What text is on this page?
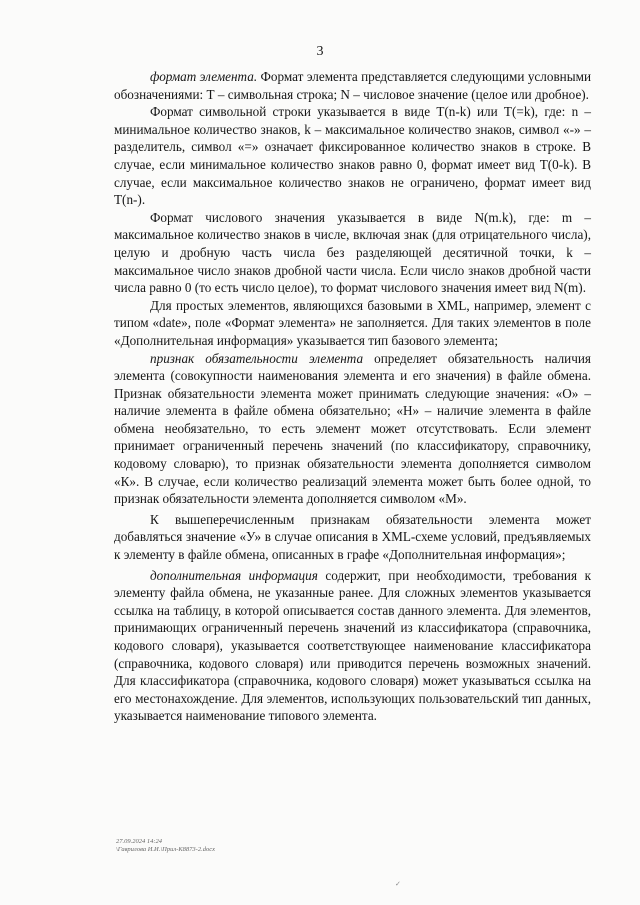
3

формат элемента. Формат элемента представляется следующими условными обозначениями: Т – символьная строка; N – числовое значение (целое или дробное).

Формат символьной строки указывается в виде T(n-k) или T(=k), где: n – минимальное количество знаков, k – максимальное количество знаков, символ «-» – разделитель, символ «=» означает фиксированное количество знаков в строке. В случае, если минимальное количество знаков равно 0, формат имеет вид T(0-k). В случае, если максимальное количество знаков не ограничено, формат имеет вид T(n-).

Формат числового значения указывается в виде N(m.k), где: m – максимальное количество знаков в числе, включая знак (для отрицательного числа), целую и дробную часть числа без разделяющей десятичной точки, k – максимальное число знаков дробной части числа. Если число знаков дробной части числа равно 0 (то есть число целое), то формат числового значения имеет вид N(m).

Для простых элементов, являющихся базовыми в XML, например, элемент с типом «date», поле «Формат элемента» не заполняется. Для таких элементов в поле «Дополнительная информация» указывается тип базового элемента;

признак обязательности элемента определяет обязательность наличия элемента (совокупности наименования элемента и его значения) в файле обмена. Признак обязательности элемента может принимать следующие значения: «О» – наличие элемента в файле обмена обязательно; «Н» – наличие элемента в файле обмена необязательно, то есть элемент может отсутствовать. Если элемент принимает ограниченный перечень значений (по классификатору, справочнику, кодовому словарю), то признак обязательности элемента дополняется символом «К». В случае, если количество реализаций элемента может быть более одной, то признак обязательности элемента дополняется символом «М».

К вышеперечисленным признакам обязательности элемента может добавляться значение «У» в случае описания в XML-схеме условий, предъявляемых к элементу в файле обмена, описанных в графе «Дополнительная информация»;

дополнительная информация содержит, при необходимости, требования к элементу файла обмена, не указанные ранее. Для сложных элементов указывается ссылка на таблицу, в которой описывается состав данного элемента. Для элементов, принимающих ограниченный перечень значений из классификатора (справочника, кодового словаря), указывается соответствующее наименование классификатора (справочника, кодового словаря) или приводится перечень возможных значений. Для классификатора (справочника, кодового словаря) может указываться ссылка на его местонахождение. Для элементов, использующих пользовательский тип данных, указывается наименование типового элемента.

27.09.2024 14:24
\Гаврилова И.И.\Прил-К8873-2.docx
✓
